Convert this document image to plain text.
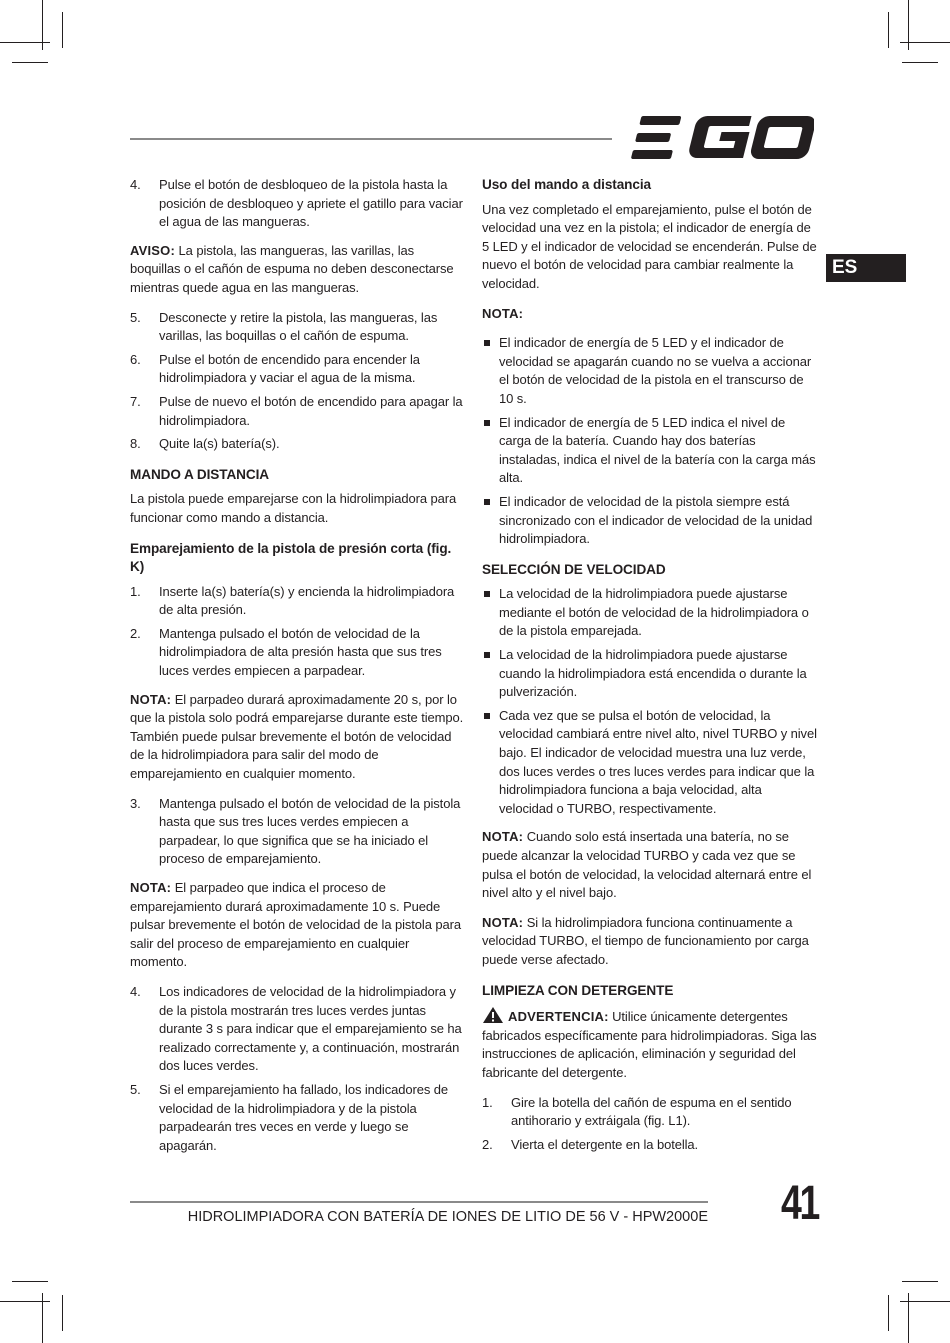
ES
4. Pulse el botón de desbloqueo de la pistola hasta la posición de desbloqueo y apriete el gatillo para vaciar el agua de las mangueras.

AVISO: La pistola, las mangueras, las varillas, las boquillas o el cañón de espuma no deben desconectarse mientras quede agua en las mangueras.

5. Desconecte y retire la pistola, las mangueras, las varillas, las boquillas o el cañón de espuma.
6. Pulse el botón de encendido para encender la hidrolimpiadora y vaciar el agua de la misma.
7. Pulse de nuevo el botón de encendido para apagar la hidrolimpiadora.
8. Quite la(s) batería(s).
MANDO A DISTANCIA

La pistola puede emparejarse con la hidrolimpiadora para funcionar como mando a distancia.

Emparejamiento de la pistola de presión corta (fig. K)
1. Inserte la(s) batería(s) y encienda la hidrolimpiadora de alta presión.
2. Mantenga pulsado el botón de velocidad de la hidrolimpiadora de alta presión hasta que sus tres luces verdes empiecen a parpadear.

NOTA: El parpadeo durará aproximadamente 20 s, por lo que la pistola solo podrá emparejarse durante este tiempo. También puede pulsar brevemente el botón de velocidad de la hidrolimpiadora para salir del modo de emparejamiento en cualquier momento.

3. Mantenga pulsado el botón de velocidad de la pistola hasta que sus tres luces verdes empiecen a parpadear, lo que significa que se ha iniciado el proceso de emparejamiento.

NOTA: El parpadeo que indica el proceso de emparejamiento durará aproximadamente 10 s. Puede pulsar brevemente el botón de velocidad de la pistola para salir del proceso de emparejamiento en cualquier momento.

4. Los indicadores de velocidad de la hidrolimpiadora y de la pistola mostrarán tres luces verdes juntas durante 3 s para indicar que el emparejamiento se ha realizado correctamente y, a continuación, mostrarán dos luces verdes.
5. Si el emparejamiento ha fallado, los indicadores de velocidad de la hidrolimpiadora y de la pistola parpadearán tres veces en verde y luego se apagarán.
Uso del mando a distancia

Una vez completado el emparejamiento, pulse el botón de velocidad una vez en la pistola; el indicador de energía de 5 LED y el indicador de velocidad se encenderán. Pulse de nuevo el botón de velocidad para cambiar realmente la velocidad.

NOTA:

El indicador de energía de 5 LED y el indicador de velocidad se apagarán cuando no se vuelva a accionar el botón de velocidad de la pistola en el transcurso de 10 s.
El indicador de energía de 5 LED indica el nivel de carga de la batería. Cuando hay dos baterías instaladas, indica el nivel de la batería con la carga más alta.
El indicador de velocidad de la pistola siempre está sincronizado con el indicador de velocidad de la unidad hidrolimpiadora.
SELECCIÓN DE VELOCIDAD
La velocidad de la hidrolimpiadora puede ajustarse mediante el botón de velocidad de la hidrolimpiadora o de la pistola emparejada.
La velocidad de la hidrolimpiadora puede ajustarse cuando la hidrolimpiadora está encendida o durante la pulverización.
Cada vez que se pulsa el botón de velocidad, la velocidad cambiará entre nivel alto, nivel TURBO y nivel bajo. El indicador de velocidad muestra una luz verde, dos luces verdes o tres luces verdes para indicar que la hidrolimpiadora funciona a baja velocidad, alta velocidad o TURBO, respectivamente.

NOTA: Cuando solo está insertada una batería, no se puede alcanzar la velocidad TURBO y cada vez que se pulsa el botón de velocidad, la velocidad alternará entre el nivel alto y el nivel bajo.

NOTA: Si la hidrolimpiadora funciona continuamente a velocidad TURBO, el tiempo de funcionamiento por carga puede verse afectado.

LIMPIEZA CON DETERGENTE

ADVERTENCIA: Utilice únicamente detergentes fabricados específicamente para hidrolimpiadoras. Siga las instrucciones de aplicación, eliminación y seguridad del fabricante del detergente.

1. Gire la botella del cañón de espuma en el sentido antihorario y extráigala (fig. L1).
2. Vierta el detergente en la botella.
HIDROLIMPIADORA CON BATERÍA DE IONES DE LITIO DE 56 V - HPW2000E 41
